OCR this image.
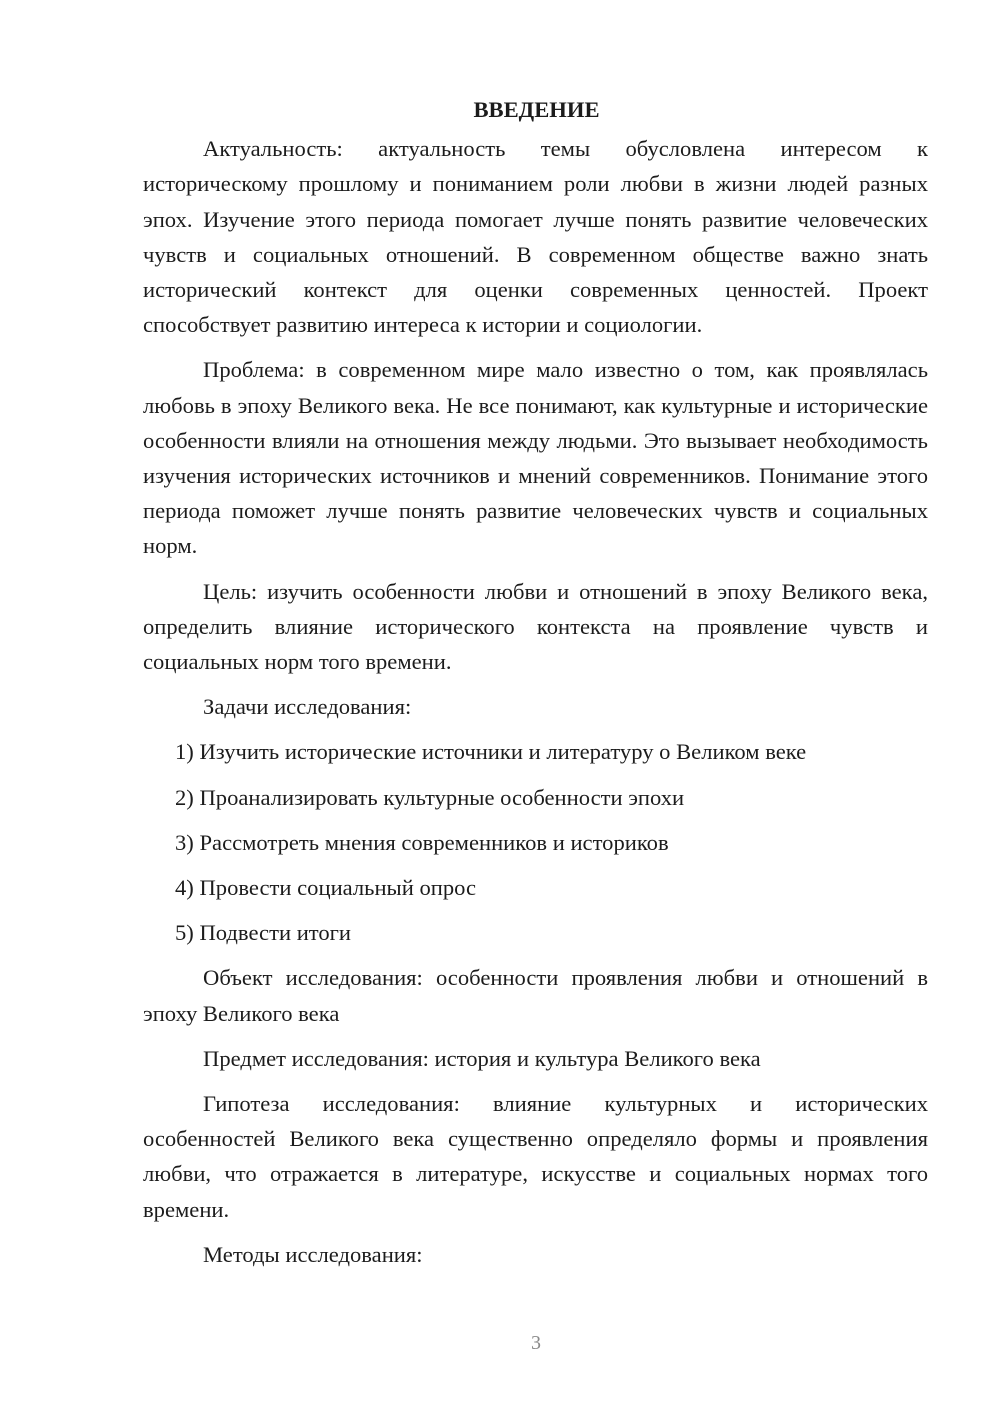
ВВЕДЕНИЕ

Актуальность: актуальность темы обусловлена интересом к историческому прошлому и пониманием роли любви в жизни людей разных эпох. Изучение этого периода помогает лучше понять развитие человеческих чувств и социальных отношений. В современном обществе важно знать исторический контекст для оценки современных ценностей. Проект способствует развитию интереса к истории и социологии.

Проблема: в современном мире мало известно о том, как проявлялась любовь в эпоху Великого века. Не все понимают, как культурные и исторические особенности влияли на отношения между людьми. Это вызывает необходимость изучения исторических источников и мнений современников. Понимание этого периода поможет лучше понять развитие человеческих чувств и социальных норм.

Цель: изучить особенности любви и отношений в эпоху Великого века, определить влияние исторического контекста на проявление чувств и социальных норм того времени.

Задачи исследования:

1) Изучить исторические источники и литературу о Великом веке
2) Проанализировать культурные особенности эпохи
3) Рассмотреть мнения современников и историков
4) Провести социальный опрос
5) Подвести итоги

Объект исследования: особенности проявления любви и отношений в эпоху Великого века

Предмет исследования: история и культура Великого века

Гипотеза исследования: влияние культурных и исторических особенностей Великого века существенно определяло формы и проявления любви, что отражается в литературе, искусстве и социальных нормах того времени.

Методы исследования:

3
